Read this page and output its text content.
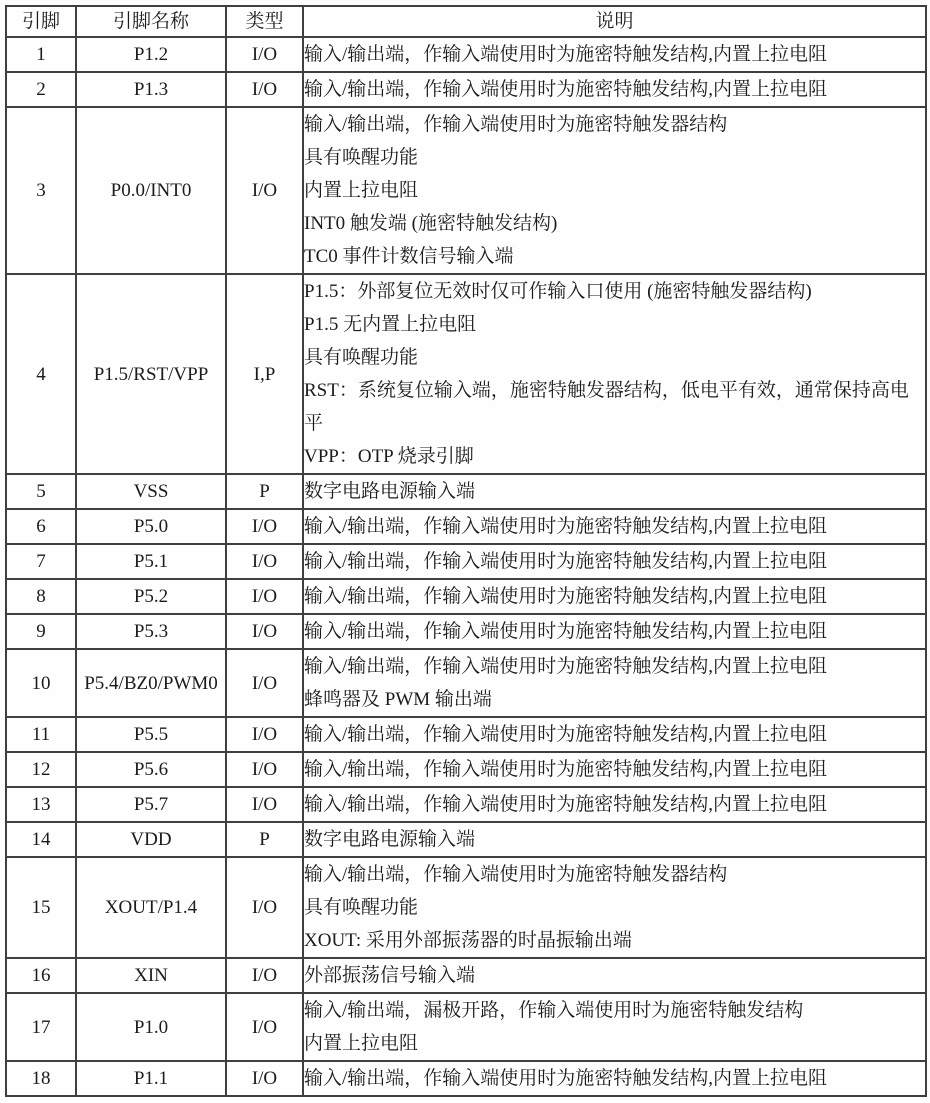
引脚	引脚名称	类型	说明
1	P1.2	I/O	输入/输出端，作输入端使用时为施密特触发结构,内置上拉电阻

2	P1.3	I/O	输入/输出端，作输入端使用时为施密特触发结构,内置上拉电阻

3	P0.0/INT0	I/O	输入/输出端，作输入端使用时为施密特触发器结构
具有唤醒功能
内置上拉电阻
INT0 触发端 (施密特触发结构)
TC0 事件计数信号输入端

4	P1.5/RST/VPP	I,P	P1.5：外部复位无效时仅可作输入口使用 (施密特触发器结构)
P1.5 无内置上拉电阻
具有唤醒功能
RST：系统复位输入端，施密特触发器结构，低电平有效，通常保持高电平
VPP：OTP 烧录引脚

5	VSS	P	数字电路电源输入端

6	P5.0	I/O	输入/输出端，作输入端使用时为施密特触发结构,内置上拉电阻

7	P5.1	I/O	输入/输出端，作输入端使用时为施密特触发结构,内置上拉电阻

8	P5.2	I/O	输入/输出端，作输入端使用时为施密特触发结构,内置上拉电阻

9	P5.3	I/O	输入/输出端，作输入端使用时为施密特触发结构,内置上拉电阻

10	P5.4/BZ0/PWM0	I/O	输入/输出端，作输入端使用时为施密特触发结构,内置上拉电阻
蜂鸣器及 PWM 输出端

11	P5.5	I/O	输入/输出端，作输入端使用时为施密特触发结构,内置上拉电阻

12	P5.6	I/O	输入/输出端，作输入端使用时为施密特触发结构,内置上拉电阻

13	P5.7	I/O	输入/输出端，作输入端使用时为施密特触发结构,内置上拉电阻

14	VDD	P	数字电路电源输入端

15	XOUT/P1.4	I/O	输入/输出端，作输入端使用时为施密特触发器结构
具有唤醒功能
XOUT: 采用外部振荡器的时晶振输出端

16	XIN	I/O	外部振荡信号输入端

17	P1.0	I/O	输入/输出端，漏极开路，作输入端使用时为施密特触发结构
内置上拉电阻

18	P1.1	I/O	输入/输出端，作输入端使用时为施密特触发结构,内置上拉电阻
